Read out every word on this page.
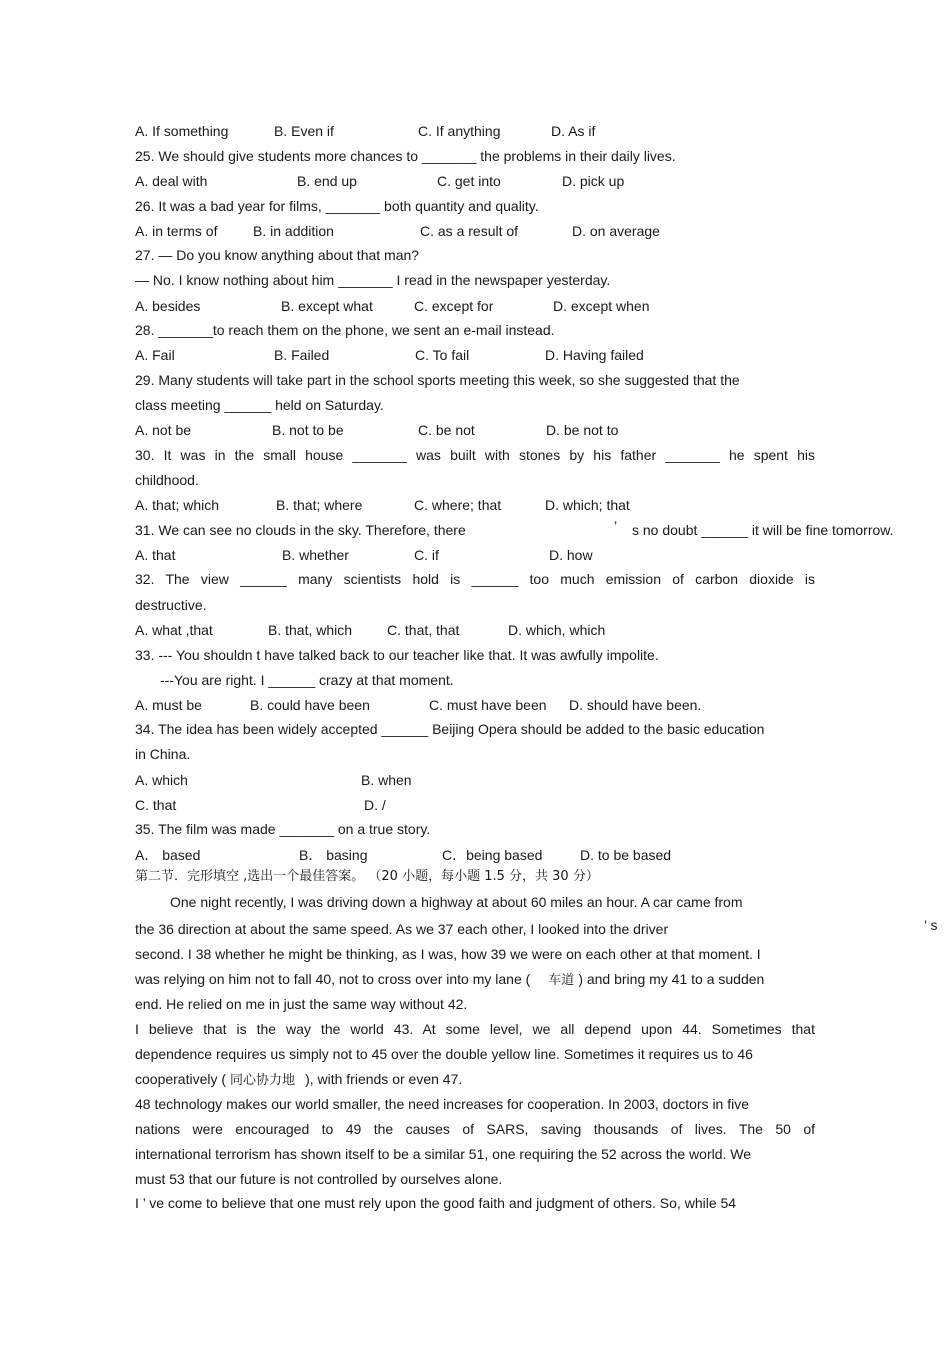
A. If something	B. Even if	C. If anything	D. As if
25. We should give students more chances to _______ the problems in their daily lives.
A. deal with	B. end up	C. get into	D. pick up
26. It was a bad year for films, _______ both quantity and quality.
A. in terms of	B. in addition	C. as a result of	D. on average
27. — Do you know anything about that man?
— No. I know nothing about him _______ I read in the newspaper yesterday.
A. besides	B. except what	C. except for	D. except when
28. _______to reach them on the phone, we sent an e-mail instead.
A. Fail	B. Failed	C. To fail	D. Having failed
29. Many students will take part in the school sports meeting this week, so she suggested that the
class meeting ______ held on Saturday.
A. not be	B. not to be	C. be not	D. be not to
30. It was in the small house _______ was built with stones by his father _______ he spent his
childhood.
A. that; which	B. that; where	C. where; that	D. which; that
31. We can see no clouds in the sky. Therefore, there	’ s no doubt ______ it will be fine tomorrow.
A. that	B. whether	C. if	D. how
32. The view ______ many scientists hold is ______ too much emission of carbon dioxide is
destructive.
A. what ,that	B. that, which C. that, that	D. which, which
33. --- You shouldn t have talked back to our teacher like that. It was awfully impolite.
---You are right. I ______ crazy at that moment.
A. must be	B. could have been	C. must have been D. should have been.
34. The idea has been widely accepted ______ Beijing Opera should be added to the basic education
in China.
A. which	B. when
C. that	D. /
35. The film was made _______ on a true story.
A． based	B． basing	C．being based	D. to be based
第二节．完形填空 ,选出一个最佳答案。 （20 小题，每小题 1.5 分，共 30 分）
One night recently, I was driving down a highway at about 60 miles an hour. A car came from
the 36 direction at about the same speed. As we 37 each other, I looked into the driver	’ s
second. I 38 whether he might be thinking, as I was, how 39 we were on each other at that moment. I
was relying on him not to fall 40, not to cross over into my lane ( 车道 ) and bring my 41 to a sudden
end. He relied on me in just the same way without 42.
I believe that is the way the world 43. At some level, we all depend upon 44. Sometimes that
dependence requires us simply not to 45 over the double yellow line. Sometimes it requires us to 46
cooperatively ( 同心协力地 ), with friends or even 47.
48 technology makes our world smaller, the need increases for cooperation. In 2003, doctors in five
nations were encouraged to 49 the causes of SARS, saving thousands of lives. The 50 of
international terrorism has shown itself to be a similar 51, one requiring the 52 across the world. We
must 53 that our future is not controlled by ourselves alone.
I ’ ve come to believe that one must rely upon the good faith and judgment of others. So, while 54
